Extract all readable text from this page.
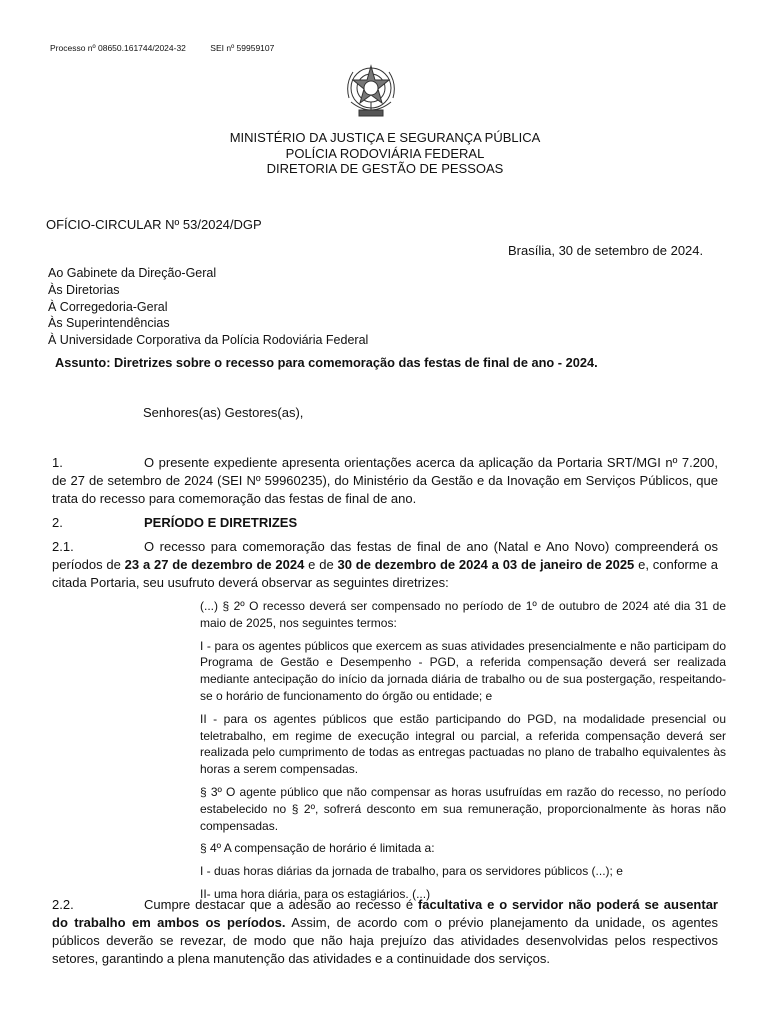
Processo nº 08650.161744/2024-32	SEI nº 59959107
MINISTÉRIO DA JUSTIÇA E SEGURANÇA PÚBLICA
POLÍCIA RODOVIÁRIA FEDERAL
DIRETORIA DE GESTÃO DE PESSOAS
OFÍCIO-CIRCULAR Nº 53/2024/DGP
Brasília, 30 de setembro de 2024.
Ao Gabinete da Direção-Geral
Às Diretorias
À Corregedoria-Geral
Às Superintendências
À Universidade Corporativa da Polícia Rodoviária Federal
Assunto: Diretrizes sobre o recesso para comemoração das festas de final de ano - 2024.
Senhores(as) Gestores(as),
1.	O presente expediente apresenta orientações acerca da aplicação da Portaria SRT/MGI nº 7.200, de 27 de setembro de 2024 (SEI Nº 59960235), do Ministério da Gestão e da Inovação em Serviços Públicos, que trata do recesso para comemoração das festas de final de ano.
2.	PERÍODO E DIRETRIZES
2.1.	O recesso para comemoração das festas de final de ano (Natal e Ano Novo) compreenderá os períodos de 23 a 27 de dezembro de 2024 e de 30 de dezembro de 2024 a 03 de janeiro de 2025 e, conforme a citada Portaria, seu usufruto deverá observar as seguintes diretrizes:

(...) § 2º O recesso deverá ser compensado no período de 1º de outubro de 2024 até dia 31 de maio de 2025, nos seguintes termos:

I - para os agentes públicos que exercem as suas atividades presencialmente e não participam do Programa de Gestão e Desempenho - PGD, a referida compensação deverá ser realizada mediante antecipação do início da jornada diária de trabalho ou de sua postergação, respeitando-se o horário de funcionamento do órgão ou entidade; e

II - para os agentes públicos que estão participando do PGD, na modalidade presencial ou teletrabalho, em regime de execução integral ou parcial, a referida compensação deverá ser realizada pelo cumprimento de todas as entregas pactuadas no plano de trabalho equivalentes às horas a serem compensadas.

§ 3º O agente público que não compensar as horas usufruídas em razão do recesso, no período estabelecido no § 2º, sofrerá desconto em sua remuneração, proporcionalmente às horas não compensadas.

§ 4º A compensação de horário é limitada a:

I - duas horas diárias da jornada de trabalho, para os servidores públicos (...); e

II- uma hora diária, para os estagiários. (...)

2.2.	Cumpre destacar que a adesão ao recesso é facultativa e o servidor não poderá se ausentar do trabalho em ambos os períodos. Assim, de acordo com o prévio planejamento da unidade, os agentes públicos deverão se revezar, de modo que não haja prejuízo das atividades desenvolvidas pelos respectivos setores, garantindo a plena manutenção das atividades e a continuidade dos serviços.
